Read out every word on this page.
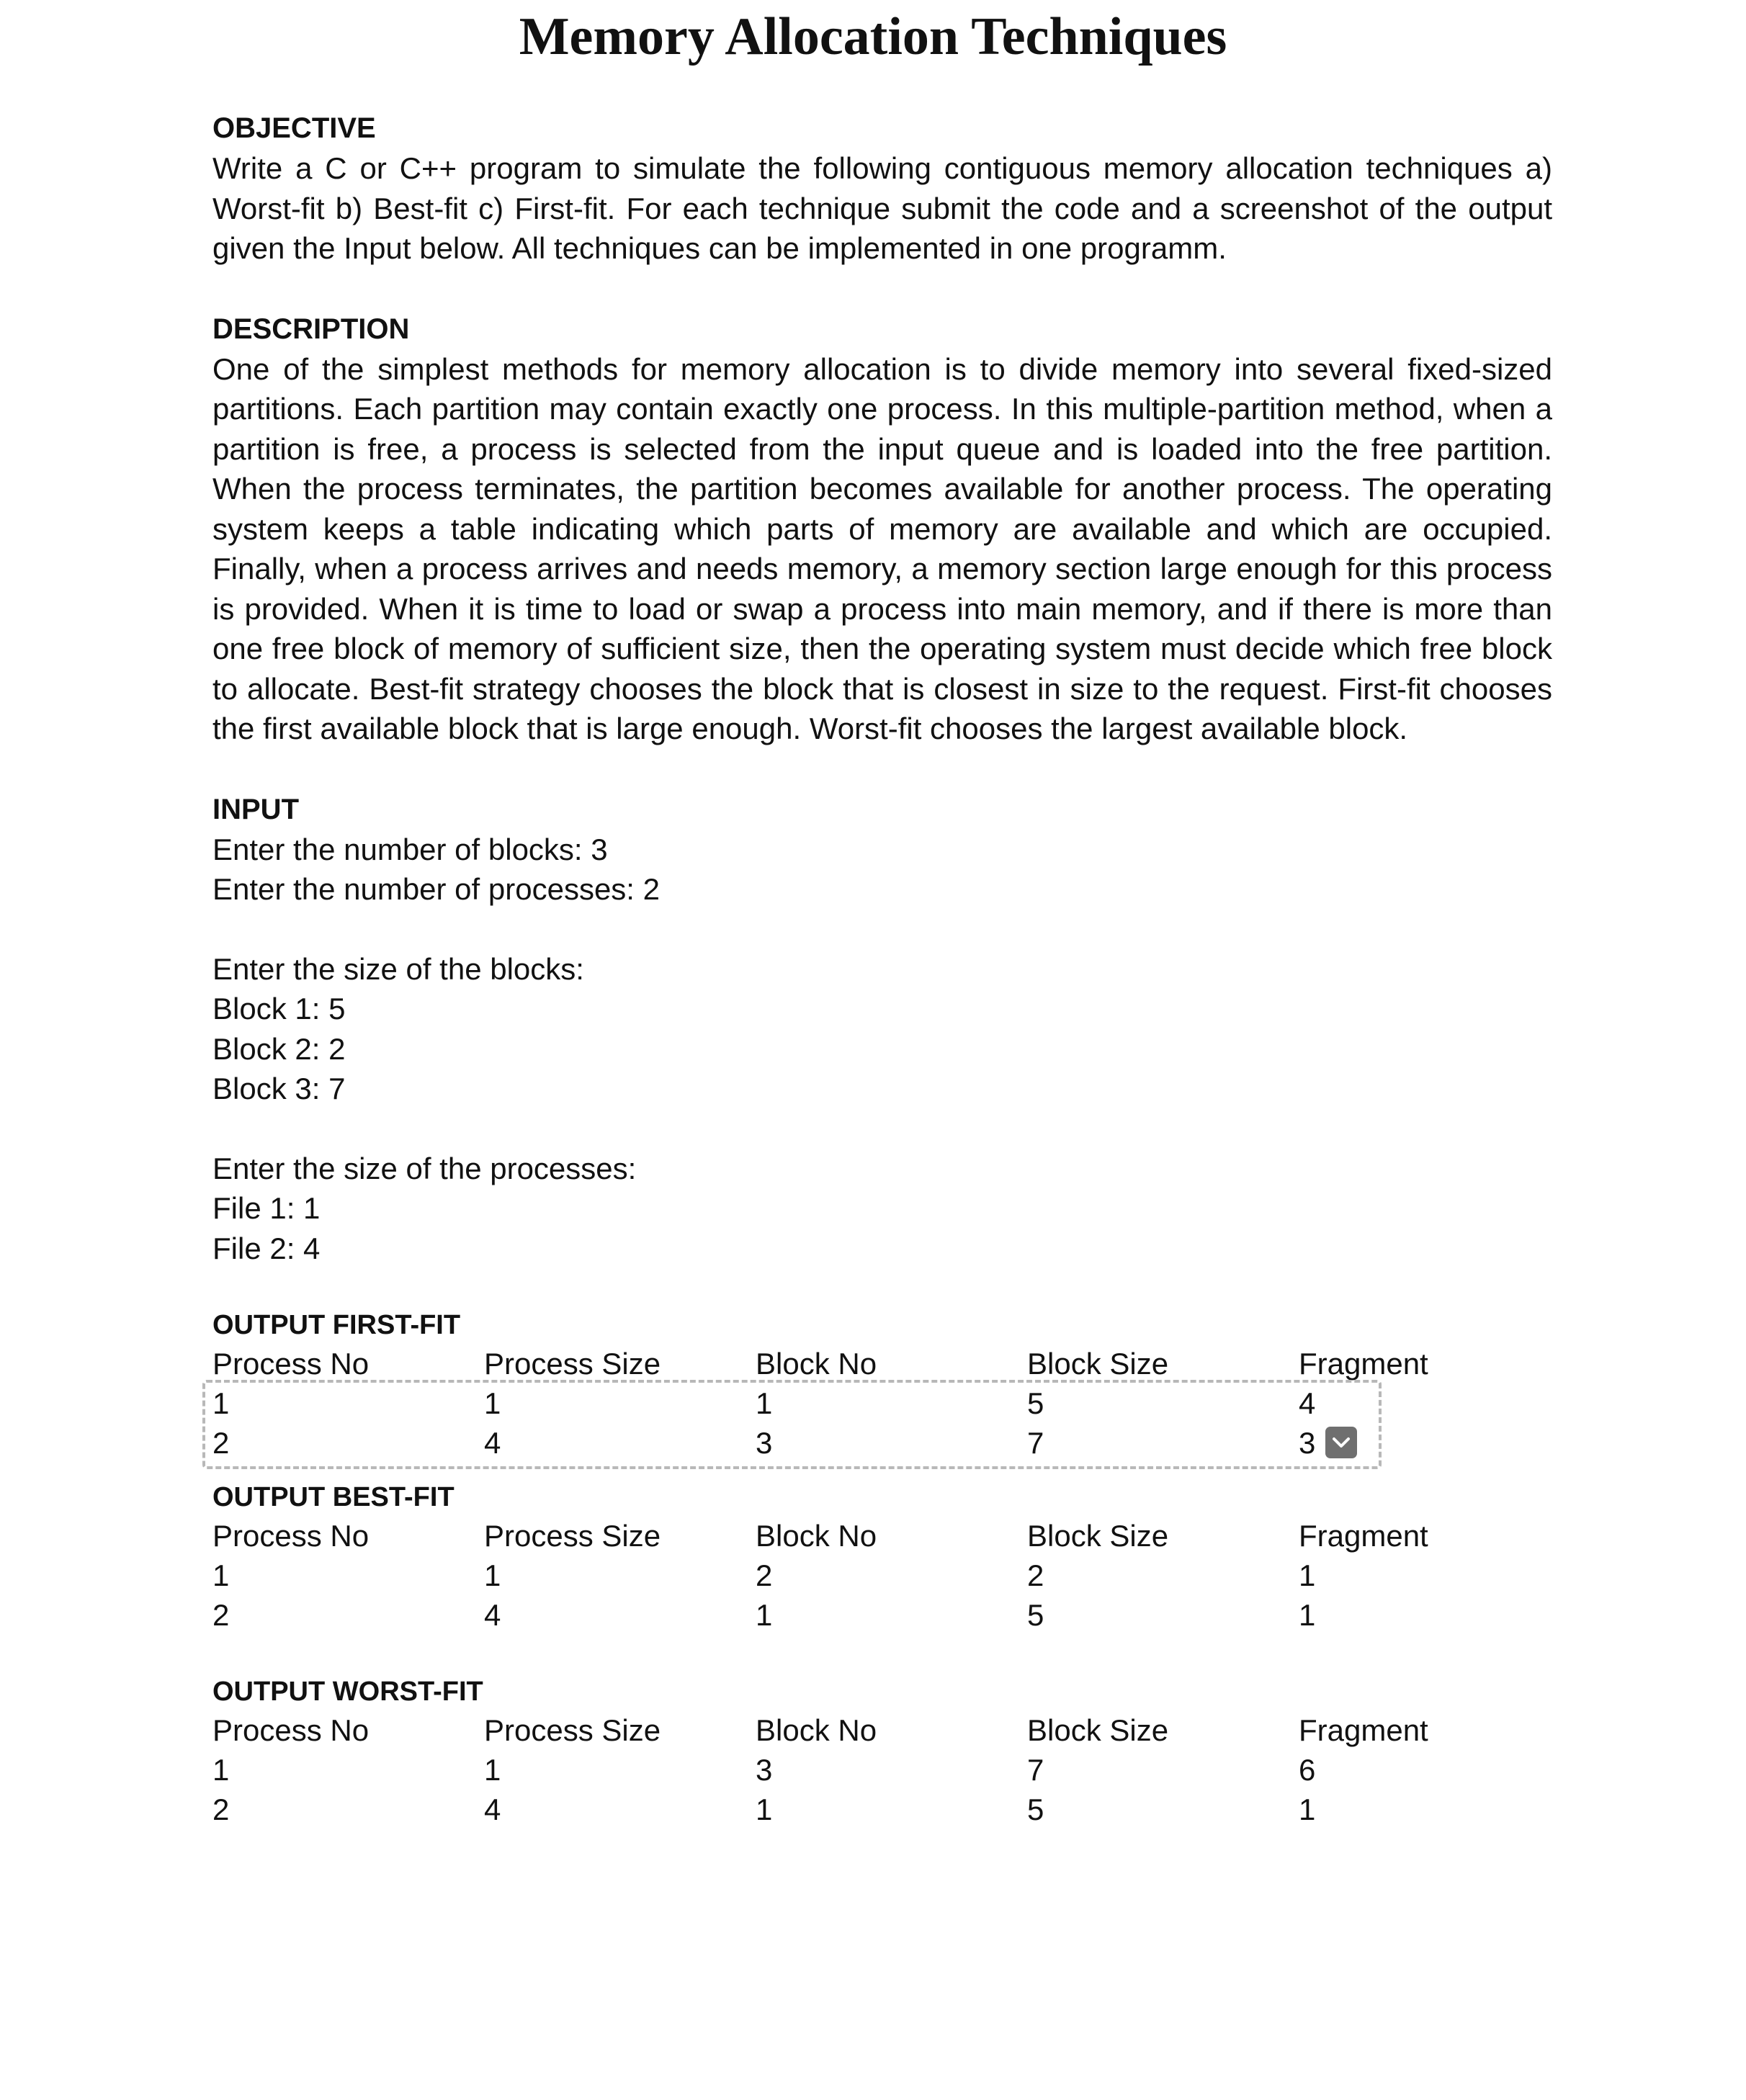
Memory Allocation Techniques

OBJECTIVE

Write a C or C++ program to simulate the following contiguous memory allocation techniques a) Worst-fit b) Best-fit c) First-fit. For each technique submit the code and a screenshot of the output given the Input below. All techniques can be implemented in one programm.

DESCRIPTION

One of the simplest methods for memory allocation is to divide memory into several fixed-sized partitions. Each partition may contain exactly one process. In this multiple-partition method, when a partition is free, a process is selected from the input queue and is loaded into the free partition. When the process terminates, the partition becomes available for another process. The operating system keeps a table indicating which parts of memory are available and which are occupied. Finally, when a process arrives and needs memory, a memory section large enough for this process is provided. When it is time to load or swap a process into main memory, and if there is more than one free block of memory of sufficient size, then the operating system must decide which free block to allocate. Best-fit strategy chooses the block that is closest in size to the request. First-fit chooses the first available block that is large enough. Worst-fit chooses the largest available block.

INPUT

Enter the number of blocks: 3

Enter the number of processes: 2

Enter the size of the blocks:

Block 1: 5

Block 2: 2

Block 3: 7

Enter the size of the processes:

File 1: 1

File 2: 4

OUTPUT FIRST-FIT

Process No	Process Size	Block No	Block Size	Fragment
1	1	1	5	4
2	4	3	7	3

OUTPUT BEST-FIT

Process No	Process Size	Block No	Block Size	Fragment
1	1	2	2	1
2	4	1	5	1

OUTPUT WORST-FIT

Process No	Process Size	Block No	Block Size	Fragment
1	1	3	7	6
2	4	1	5	1
